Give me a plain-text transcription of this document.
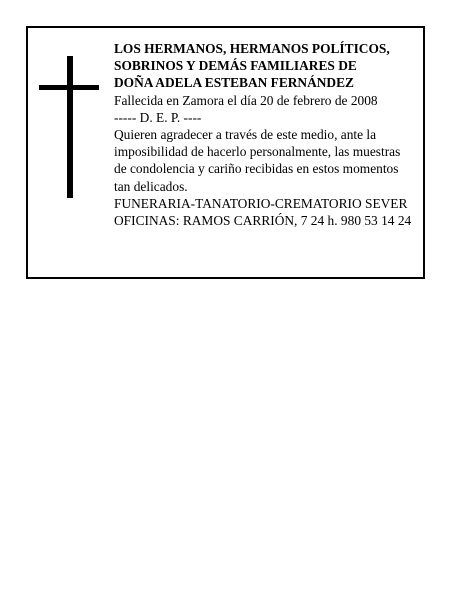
LOS HERMANOS, HERMANOS POLÍTICOS,
SOBRINOS Y DEMÁS FAMILIARES DE
DOÑA ADELA ESTEBAN FERNÁNDEZ
Fallecida en Zamora el día 20 de febrero de 2008
----- D. E. P. ----
Quieren agradecer a través de este medio, ante la imposibilidad de hacerlo personalmente, las muestras de condolencia y cariño recibidas en estos momentos tan delicados.
FUNERARIA-TANATORIO-CREMATORIO SEVER
OFICINAS: RAMOS CARRIÓN, 7 24 h. 980 53 14 24
